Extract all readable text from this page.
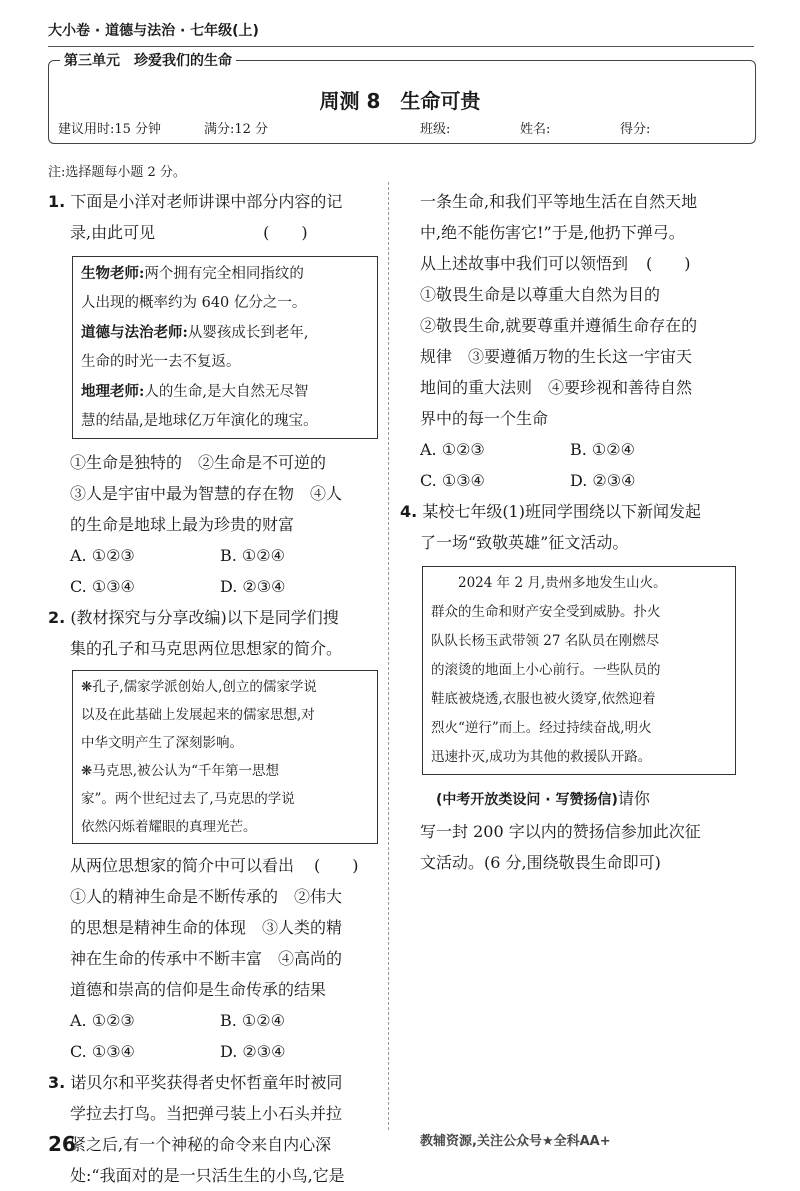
大小卷 · 道德与法治 · 七年级(上)
第三单元　珍爱我们的生命
周测 8　生命可贵
建议用时:15 分钟	满分:12 分	班级:	姓名:	得分:
注:选择题每小题 2 分。

1. 下面是小洋对老师讲课中部分内容的记

录,由此可见	(　　)

生物老师:两个拥有完全相同指纹的

人出现的概率约为 640 亿分之一。

道德与法治老师:从婴孩成长到老年,

生命的时光一去不复返。

地理老师:人的生命,是大自然无尽智

慧的结晶,是地球亿万年演化的瑰宝。

①生命是独特的　②生命是不可逆的

③人是宇宙中最为智慧的存在物　④人

的生命是地球上最为珍贵的财富

A. ①②③	B. ①②④

C. ①③④	D. ②③④

2. (教材探究与分享改编)以下是同学们搜

集的孔子和马克思两位思想家的简介。

❋孔子,儒家学派创始人,创立的儒家学说

以及在此基础上发展起来的儒家思想,对

中华文明产生了深刻影响。

❋马克思,被公认为“千年第一思想

家”。两个世纪过去了,马克思的学说

依然闪烁着耀眼的真理光芒。

从两位思想家的简介中可以看出 (　　)

①人的精神生命是不断传承的　②伟大

的思想是精神生命的体现　③人类的精

神在生命的传承中不断丰富　④高尚的

道德和崇高的信仰是生命传承的结果

A. ①②③	B. ①②④

C. ①③④	D. ②③④

3. 诺贝尔和平奖获得者史怀哲童年时被同

学拉去打鸟。当把弹弓装上小石头并拉

紧之后,有一个神秘的命令来自内心深

处:“我面对的是一只活生生的小鸟,它是

一条生命,和我们平等地生活在自然天地

中,绝不能伤害它!”于是,他扔下弹弓。

从上述故事中我们可以领悟到 (　　)

①敬畏生命是以尊重大自然为目的

②敬畏生命,就要尊重并遵循生命存在的

规律　③要遵循万物的生长这一宇宙天

地间的重大法则　④要珍视和善待自然

界中的每一个生命

A. ①②③	B. ①②④

C. ①③④	D. ②③④

4. 某校七年级(1)班同学围绕以下新闻发起

了一场“致敬英雄”征文活动。

　　2024 年 2 月,贵州多地发生山火。

群众的生命和财产安全受到威胁。扑火

队队长杨玉武带领 27 名队员在刚燃尽

的滚烫的地面上小心前行。一些队员的

鞋底被烧透,衣服也被火烫穿,依然迎着

烈火“逆行”而上。经过持续奋战,明火

迅速扑灭,成功为其他的救援队开路。

(中考开放类设问 · 写赞扬信)请你

写一封 200 字以内的赞扬信参加此次征

文活动。(6 分,围绕敬畏生命即可)

26	教辅资源,关注公众号★全科AA+
